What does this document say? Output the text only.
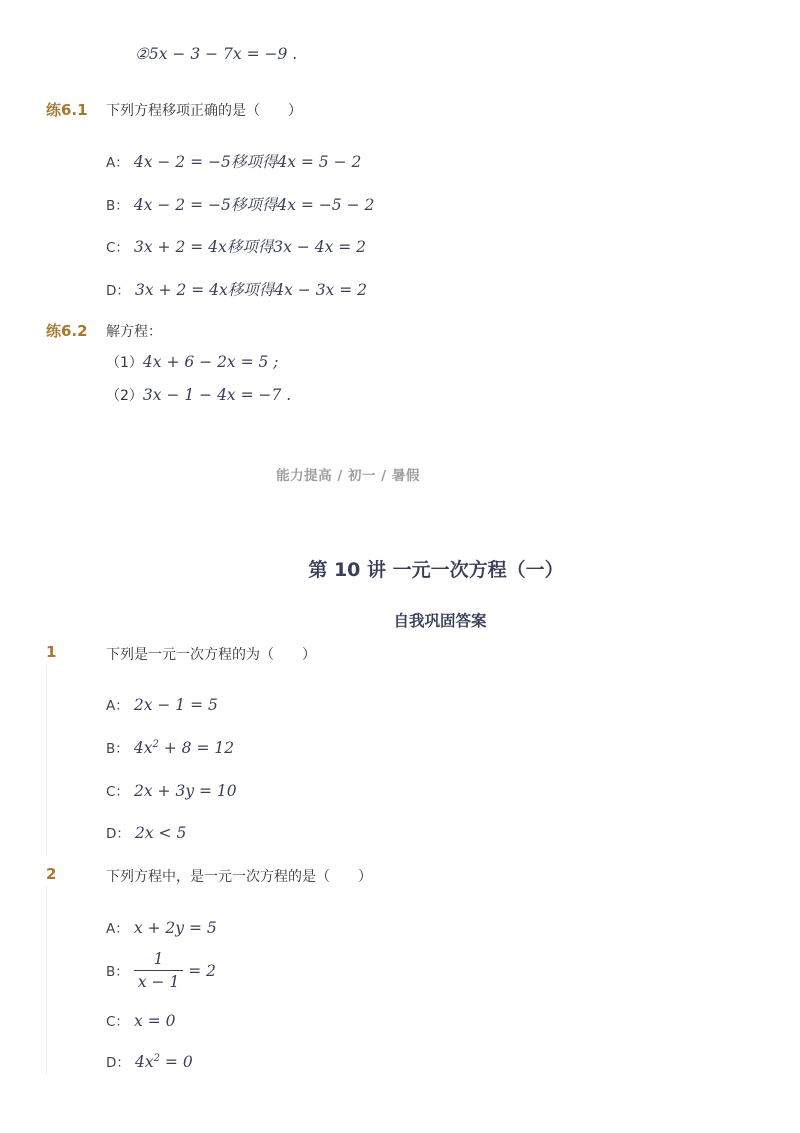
②5x − 3 − 7x = −9 .
练6.1 下列方程移项正确的是（　　）
A： 4x − 2 = −5移项得4x = 5 − 2
B： 4x − 2 = −5移项得4x = −5 − 2
C： 3x + 2 = 4x移项得3x − 4x = 2
D： 3x + 2 = 4x移项得4x − 3x = 2
练6.2 解方程：
（1）4x + 6 − 2x = 5 ;
（2）3x − 1 − 4x = −7 .
能力提高 / 初一 / 暑假
第 10 讲 一元一次方程（一）
自我巩固答案
1	下列是一元一次方程的为（　　）
A： 2x − 1 = 5
B： $4x^2 + 8 = 12$
C： 2x + 3y = 10
D： 2x < 5
2	下列方程中，是一元一次方程的是（　　）
A： x + 2y = 5
B： $\frac{1}{x - 1} = 2$
C： x = 0
D： $4x^2 = 0$
